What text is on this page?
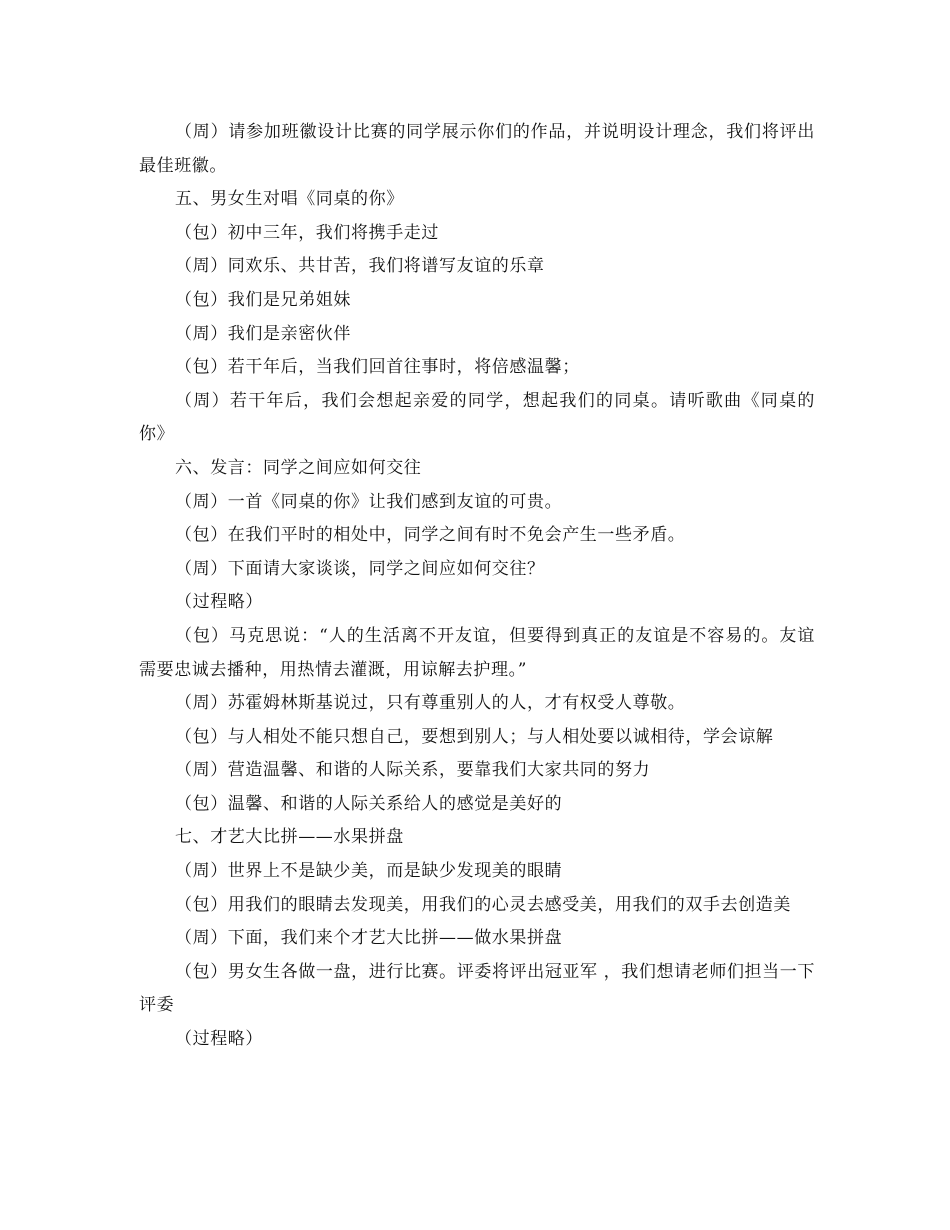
（周）请参加班徽设计比赛的同学展示你们的作品，并说明设计理念，我们将评出最佳班徽。

五、男女生对唱《同桌的你》

（包）初中三年，我们将携手走过

（周）同欢乐、共甘苦，我们将谱写友谊的乐章

（包）我们是兄弟姐妹

（周）我们是亲密伙伴

（包）若干年后，当我们回首往事时，将倍感温馨；

（周）若干年后，我们会想起亲爱的同学，想起我们的同桌。请听歌曲《同桌的你》

六、发言：同学之间应如何交往

（周）一首《同桌的你》让我们感到友谊的可贵。

（包）在我们平时的相处中，同学之间有时不免会产生一些矛盾。

（周）下面请大家谈谈，同学之间应如何交往？

（过程略）

（包）马克思说：“人的生活离不开友谊，但要得到真正的友谊是不容易的。友谊需要忠诚去播种，用热情去灌溉，用谅解去护理。”

（周）苏霍姆林斯基说过，只有尊重别人的人，才有权受人尊敬。

（包）与人相处不能只想自己，要想到别人；与人相处要以诚相待，学会谅解

（周）营造温馨、和谐的人际关系，要靠我们大家共同的努力

（包）温馨、和谐的人际关系给人的感觉是美好的

七、才艺大比拼——水果拼盘

（周）世界上不是缺少美，而是缺少发现美的眼睛

（包）用我们的眼睛去发现美，用我们的心灵去感受美，用我们的双手去创造美

（周）下面，我们来个才艺大比拼——做水果拼盘

（包）男女生各做一盘，进行比赛。评委将评出冠亚军 ，我们想请老师们担当一下评委

（过程略）
